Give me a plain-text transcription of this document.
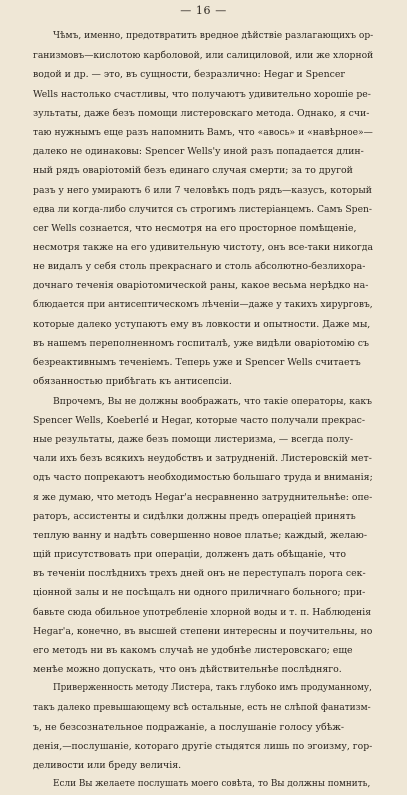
— 16 —
Чѣмъ, именно, предотвратить вредное дѣйствіе разлагающихъ ор-
ганизмовъ—кислотою карболовой, или салициловой, или же хлорной
водой и др. — это, въ сущности, безразлично: Hegar и Spencer
Wells настолько счастливы, что получаютъ удивительно хорошіе ре-
зультаты, даже безъ помощи листеровскаго метода. Однако, я счи-
таю нужнымъ еще разъ напомнить Вамъ, что «авось» и «навѣрное»—
далеко не одинаковы: Spencer Wells'y иной разъ попадается длин-
ный рядъ оваріотомій безъ единаго случая смерти; за то другой
разъ у него умираютъ 6 или 7 человѣкъ подъ рядъ—казусъ, который
едва ли когда-либо случится съ строгимъ листеріанцемъ. Самъ Spen-
cer Wells сознается, что несмотря на его просторное помѣщеніе,
несмотря также на его удивительную чистоту, онъ все-таки никогда
не видалъ у себя столь прекраснаго и столь абсолютно-безлихора-
дочнаго теченія оваріотомической раны, какое весьма нерѣдко на-
блюдается при антисептическомъ лѣченіи—даже у такихъ хирурговъ,
которые далеко уступаютъ ему въ ловкости и опытности. Даже мы,
въ нашемъ переполненномъ госпиталѣ, уже видѣли оваріотомію съ
безреактивнымъ теченіемъ. Теперь уже и Spencer Wells считаетъ
обязанностью прибѣгать къ антисепсіи.
Впрочемъ, Вы не должны воображать, что такіе операторы, какъ
Spencer Wells, Koeberlé и Hegar, которые часто получали прекрас-
ные результаты, даже безъ помощи листеризма, — всегда полу-
чали ихъ безъ всякихъ неудобствъ и затрудненій. Листеровскій мет-
одъ часто попрекаютъ необходимостью большаго труда и вниманія;
я же думаю, что методъ Hegar'а несравненно затруднительнѣе: опе-
раторъ, ассистенты и сидѣлки должны предъ операціей принять
теплую ванну и надѣть совершенно новое платье; каждый, желаю-
щій присутствовать при операціи, долженъ дать обѣщаніе, что
въ теченіи послѣднихъ трехъ дней онъ не переступалъ порога сек-
ціонной залы и не посѣщалъ ни одного приличнаго больного; при-
бавьте сюда обильное употребленіе хлорной воды и т. п. Наблюденія
Hegar'а, конечно, въ высшей степени интересны и поучительны, но
его методъ ни въ какомъ случаѣ не удобнѣе листеровскаго; еще
менѣе можно допускать, что онъ дѣйствительнѣе послѣдняго.
Приверженность методу Листера, такъ глубоко имъ продуманному,
такъ далеко превышающему всѣ остальные, есть не слѣпой фанатизм-
ъ, не безсознательное подражаніе, а послушаніе голосу убѣж-
денія,—послушаніе, котораго другіе стыдятся лишь по эгоизму, гор-
деливости или бреду величія.
Если Вы желаете послушать моего совѣта, то Вы должны помнить,
